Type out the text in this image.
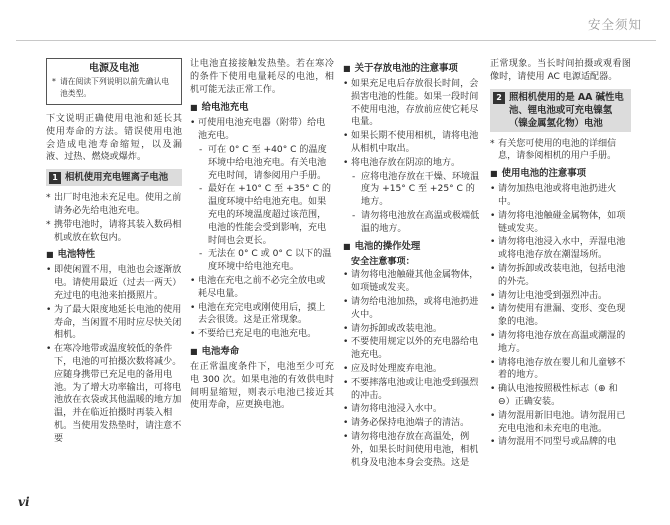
安全须知
电源及电池
* 请在阅读下列说明以前先确认电池类型。

下文说明正确使用电池和延长其使用寿命的方法。错误使用电池会造成电池寿命缩短，以及漏液、过热、燃烧或爆炸。

1 相机使用充电锂离子电池
* 出厂时电池未充足电。使用之前请务必先给电池充电。
* 携带电池时，请将其装入数码相机或放在软包内。
■ 电池特性
• 即使闲置不用，电池也会逐渐放电。请使用最近（过去一两天）充过电的电池来拍摄照片。
• 为了最大限度地延长电池的使用寿命，当闲置不用时应尽快关闭相机。
• 在寒冷地带或温度较低的条件下，电池的可拍摄次数将减少。应随身携带已充足电的备用电池。为了增大功率输出，可将电池放在衣袋或其他温暖的地方加温，并在临近拍摄时再装入相机。当使用发热垫时，请注意不要

让电池直接接触发热垫。若在寒冷的条件下使用电量耗尽的电池，相机可能无法正常工作。

■ 给电池充电
• 可使用电池充电器（附带）给电池充电。
- 可在 0° C 至 +40° C 的温度环境中给电池充电。有关电池充电时间，请参阅用户手册。
- 最好在 +10° C 至 +35° C 的温度环境中给电池充电。如果充电的环境温度超过该范围，电池的性能会受到影响，充电时间也会更长。
- 无法在 0° C 或 0° C 以下的温度环境中给电池充电。
• 电池在充电之前不必完全放电或耗尽电量。
• 电池在充完电或刚使用后，摸上去会很烫。这是正常现象。
• 不要给已充足电的电池充电。
■ 电池寿命

在正常温度条件下，电池至少可充电 300 次。如果电池的有效供电时间明显缩短，则表示电池已接近其使用寿命，应更换电池。

■ 关于存放电池的注意事项
• 如果充足电后存放很长时间，会损害电池的性能。如果一段时间不使用电池，存放前应使它耗尽电量。
• 如果长期不使用相机，请将电池从相机中取出。
• 将电池存放在阴凉的地方。
- 应将电池存放在干燥、环境温度为 +15° C 至 +25° C 的地方。
- 请勿将电池放在高温或极端低温的地方。
■ 电池的操作处理
安全注意事项：
• 请勿将电池触碰其他金属物体，如项链或发夹。
• 请勿给电池加热，或将电池扔进火中。
• 请勿拆卸或改装电池。
• 不要使用规定以外的充电器给电池充电。
• 应及时处理废弃电池。
• 不要摔落电池或让电池受到强烈的冲击。
• 请勿将电池浸入水中。
• 请务必保持电池端子的清洁。
• 请勿将电池存放在高温处，例外，如果长时间使用电池，相机机身及电池本身会变热。这是

正常现象。当长时间拍摄或观看图像时，请使用 AC 电源适配器。

2 照相机使用的是 AA 碱性电池、锂电池或可充电镍氢（镍金属氢化物）电池
* 有关您可使用的电池的详细信息，请参阅相机的用户手册。
■ 使用电池的注意事项
• 请勿加热电池或将电池扔进火中。
• 请勿将电池触碰金属物体，如项链或发夹。
• 请勿将电池浸入水中，弄湿电池或将电池存放在潮湿场所。
• 请勿拆卸或改装电池，包括电池的外壳。
• 请勿让电池受到强烈冲击。
• 请勿使用有泄漏、变形、变色现象的电池。
• 请勿将电池存放在高温或潮湿的地方。
• 请将电池存放在婴儿和儿童够不着的地方。
• 确认电池按照极性标志（⊕ 和 ⊖）正确安装。
• 请勿混用新旧电池。请勿混用已充电电池和未充电的电池。
• 请勿混用不同型号或品牌的电
vi
